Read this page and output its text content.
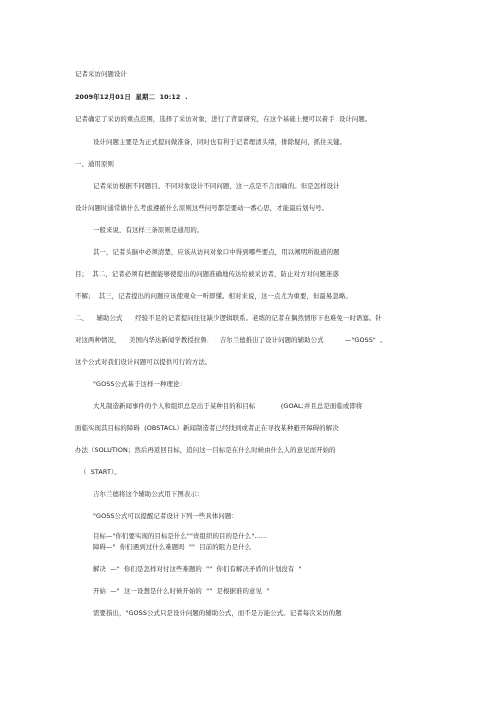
记者采访问题设计
2009年12月01日  星期二  10:12  .
记者确定了采访的重点范围，选择了采访对象，进行了背景研究，在这个基础上便可以着手  设计问题。
设计问题主要是为正式提问做准备，同时也有利于记者理清头绪，排除疑问，抓住关键。
一、通用原则
记者采访根据不同题目、不同对象设计不同问题，这一点是不言而喻的。但是怎样设计
设计问题时通常做什么考虑遵循什么原则这些问号都是要动一番心思，才能最后划句号。
一般来说，有这样三条原则是通用的。
其一，记者头脑中必须清楚，应该从访问对象口中得到哪些要点，用以阐明所报道的题
目；  其二，记者必须有把握能够使提出的问题准确地传达给被采访者，防止对方对问题迷惑
不解；  其三，记者提出的问题应该使观众一听即懂。相对来说，这一点尤为重要，但最易忽略。
二、    辅助公式      经验不足的记者提问往往缺少逻辑联系。老练的记者在偶然情形下也难免一时语塞。针
对这两种情况，    美国内华达新闻学教授拉鲁．   吉尔兰德推出了设计问题的辅助公式          —"GOSS"  。
这个公式对我们设计问题可以提供可行的方法。
"GOSS公式基于这样一种理论：
大凡制造新闻事件的个人和组织总是出于某种目的和目标            (GOAL;并且总是面临或即将
面临实现其目标的障碍  (OBSTACL）新闻制造者已经找到或者正在寻找某种避开障碍的解决
办法（SOLUTION；然后再返回目标，追问这一目标是在什么时候由什么人的意见而开始的
（  START）。
吉尔兰德将这个辅助公式用下图表示：
"GOSS公式可以提醒记者设计下列一些具体问题：
目标—"你们要实现的目标是什么""贵组织的目的是什么"……
障碍—"  你们遇到过什么难题吗  ""  目前的阻力是什么
解决  —"  你们是怎样对付这些难题的  ""  你们有解决矛盾的计划没有  "
开始  —"  这一设想是什么时候开始的  ""  是根据谁的意见  "
需要指出，"GOSS公式只是设计问题的辅助公式，而不是万能公式。记者每次采访的题
